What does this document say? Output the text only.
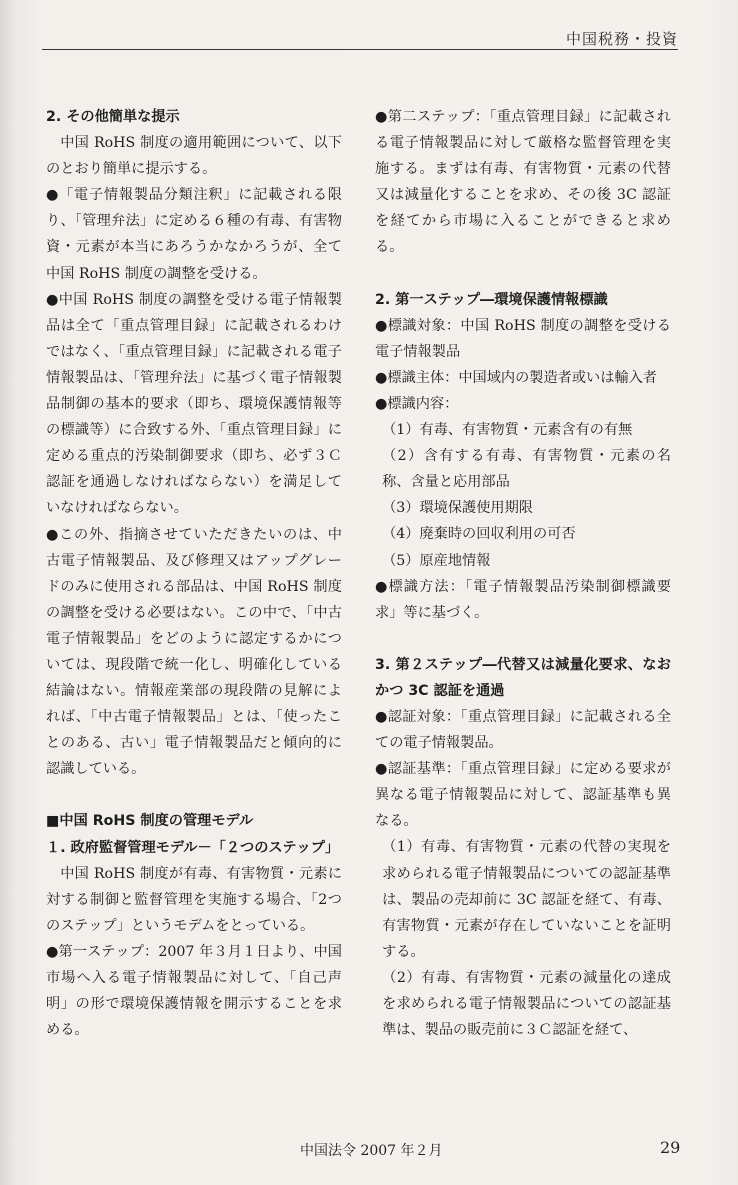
中国税務・投資

2. その他簡単な提示

中国 RoHS 制度の適用範囲について、以下のとおり簡単に提示する。

●「電子情報製品分類注釈」に記載される限り、「管理弁法」に定める６種の有毒、有害物資・元素が本当にあろうかなかろうが、全て中国 RoHS 制度の調整を受ける。

●中国 RoHS 制度の調整を受ける電子情報製品は全て「重点管理目録」に記載されるわけではなく、「重点管理目録」に記載される電子情報製品は、「管理弁法」に基づく電子情報製品制御の基本的要求（即ち、環境保護情報等の標識等）に合致する外、「重点管理目録」に定める重点的汚染制御要求（即ち、必ず３Ｃ認証を通過しなければならない）を満足していなければならない。

●この外、指摘させていただきたいのは、中古電子情報製品、及び修理又はアップグレードのみに使用される部品は、中国 RoHS 制度の調整を受ける必要はない。この中で、「中古電子情報製品」をどのように認定するかについては、現段階で統一化し、明確化している結論はない。情報産業部の現段階の見解によれば、「中古電子情報製品」とは、「使ったことのある、古い」電子情報製品だと傾向的に認識している。

■中国 RoHS 制度の管理モデル

１. 政府監督管理モデル－「２つのステップ」

中国 RoHS 制度が有毒、有害物質・元素に対する制御と監督管理を実施する場合、「2つのステップ」というモデムをとっている。

●第一ステップ：2007 年３月１日より、中国市場へ入る電子情報製品に対して、「自己声明」の形で環境保護情報を開示することを求める。

●第二ステップ：「重点管理目録」に記載される電子情報製品に対して厳格な監督管理を実施する。まずは有毒、有害物質・元素の代替又は減量化することを求め、その後 3C 認証を経てから市場に入ることができると求める。

2. 第一ステップ―環境保護情報標識

●標識対象：中国 RoHS 制度の調整を受ける電子情報製品

●標識主体：中国域内の製造者或いは輸入者

●標識内容：

（1）有毒、有害物質・元素含有の有無

（2）含有する有毒、有害物質・元素の名称、含量と応用部品

（3）環境保護使用期限

（4）廃棄時の回収利用の可否

（5）原産地情報

●標識方法：「電子情報製品汚染制御標識要求」等に基づく。

3. 第２ステップ―代替又は減量化要求、なおかつ 3C 認証を通過

●認証対象：「重点管理目録」に記載される全ての電子情報製品。

●認証基準：「重点管理目録」に定める要求が異なる電子情報製品に対して、認証基準も異なる。

（1）有毒、有害物質・元素の代替の実現を求められる電子情報製品についての認証基準は、製品の売却前に 3C 認証を経て、有毒、有害物質・元素が存在していないことを証明する。

（2）有毒、有害物質・元素の減量化の達成を求められる電子情報製品についての認証基準は、製品の販売前に３Ｃ認証を経て、

中国法令 2007 年２月	29
